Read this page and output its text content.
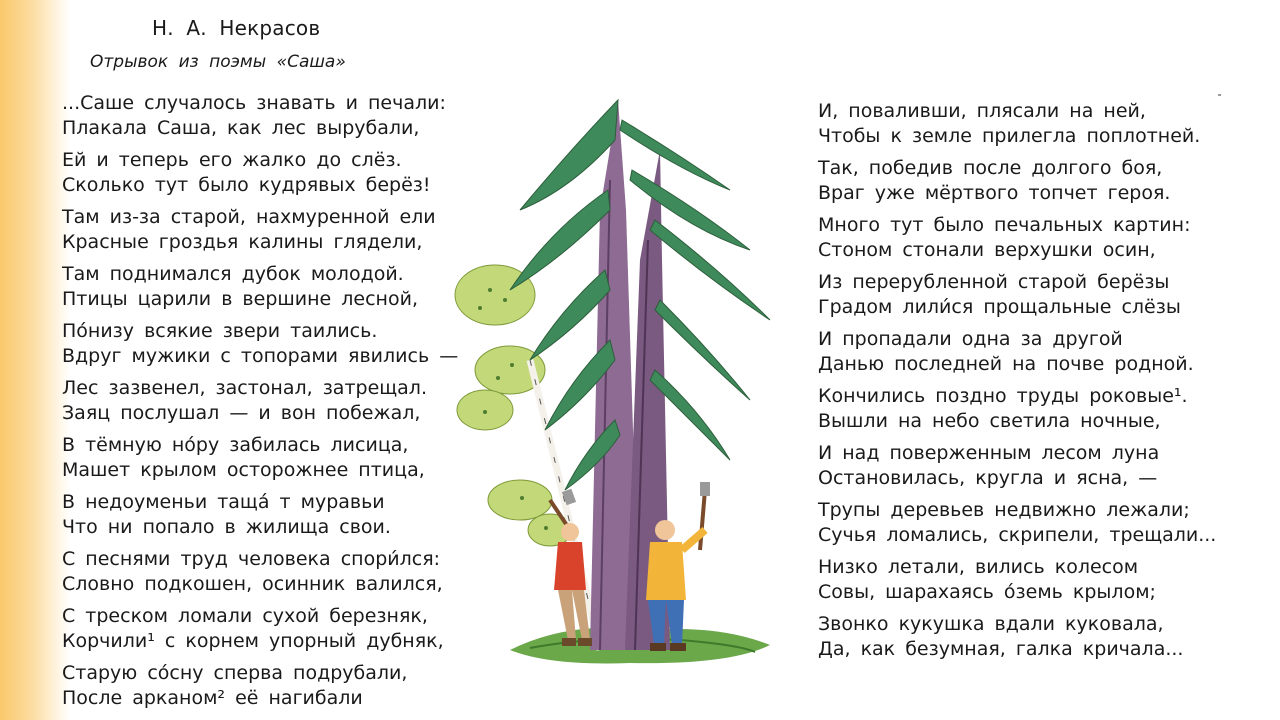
Н. А. Некрасов
Отрывок из поэмы «Саша»
...Саше случалось знавать и печали:
Плакала Саша, как лес вырубали,
Ей и теперь его жалко до слёз.
Сколько тут было кудрявых берёз!
Там из-за старой, нахмуренной ели
Красные гроздья калины глядели,
Там поднимался дубок молодой.
Птицы царили в вершине лесной,
По́низу всякие звери таились.
Вдруг мужики с топорами явились —
Лес зазвенел, застонал, затрещал.
Заяц послушал — и вон побежал,
В тёмную но́ру забилась лисица,
Машет крылом осторожнее птица,
В недоуменьи тащá т муравьи
Что ни попало в жилища свои.
С песнями труд человека спори́лся:
Словно подкошен, осинник валился,
С треском ломали сухой березняк,
Корчили¹ с корнем упорный дубняк,
Старую со́сну сперва подрубали,
После арканом² её нагибали
И, поваливши, плясали на ней,
Чтобы к земле прилегла поплотней.
Так, победив после долгого боя,
Враг уже мёртвого топчет героя.
Много тут было печальных картин:
Стоном стонали верхушки осин,
Из перерубленной старой берёзы
Градом лили́ся прощальные слёзы
И пропадали одна за другой
Данью последней на почве родной.
Кончились поздно труды роковые¹.
Вышли на небо светила ночные,
И над поверженным лесом луна
Остановилась, кругла и ясна, —
Трупы деревьев недвижно лежали;
Сучья ломались, скрипели, трещали...
Низко летали, вились колесом
Совы, шарахаясь о́земь крылом;
Звонко кукушка вдали куковала,
Да, как безумная, галка кричала...
